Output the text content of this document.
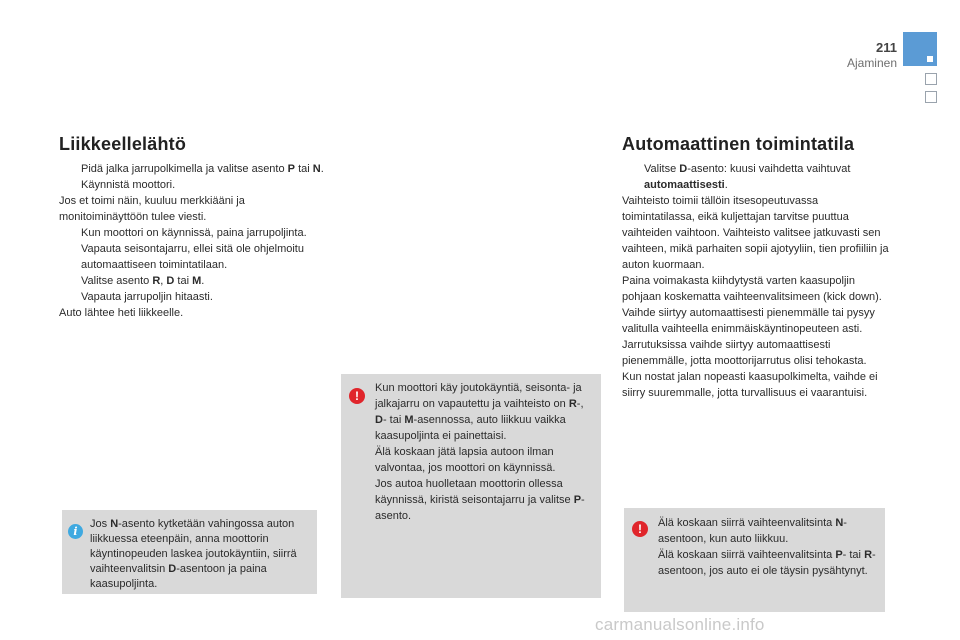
211
Ajaminen
Liikkeellelähtö
Pidä jalka jarrupolkimella ja valitse asento P tai N.
Käynnistä moottori.
Jos et toimi näin, kuuluu merkkiääni ja monitoiminäyttöön tulee viesti.
Kun moottori on käynnissä, paina jarrupoljinta.
Vapauta seisontajarru, ellei sitä ole ohjelmoitu automaattiseen toimintatilaan.
Valitse asento R, D tai M.
Vapauta jarrupoljin hitaasti.
Auto lähtee heti liikkeelle.
!
Kun moottori käy joutokäyntiä, seisonta- ja jalkajarru on vapautettu ja vaihteisto on R-, D- tai M-asennossa, auto liikkuu vaikka kaasupoljinta ei painettaisi.
Älä koskaan jätä lapsia autoon ilman valvontaa, jos moottori on käynnissä.
Jos autoa huolletaan moottorin ollessa käynnissä, kiristä seisontajarru ja valitse P-asento.
i
Jos N-asento kytketään vahingossa auton liikkuessa eteenpäin, anna moottorin käyntinopeuden laskea joutokäyntiin, siirrä vaihteenvalitsin D-asentoon ja paina kaasupoljinta.
Automaattinen toimintatila
Valitse D-asento: kuusi vaihdetta vaihtuvat automaattisesti.
Vaihteisto toimii tällöin itsesopeutuvassa toimintatilassa, eikä kuljettajan tarvitse puuttua vaihteiden vaihtoon. Vaihteisto valitsee jatkuvasti sen vaihteen, mikä parhaiten sopii ajotyyliin, tien profiiliin ja auton kuormaan.
Paina voimakasta kiihdytystä varten kaasupoljin pohjaan koskematta vaihteenvalitsimeen (kick down). Vaihde siirtyy automaattisesti pienemmälle tai pysyy valitulla vaihteella enimmäiskäyntinopeuteen asti.
Jarrutuksissa vaihde siirtyy automaattisesti pienemmälle, jotta moottorijarrutus olisi tehokasta.
Kun nostat jalan nopeasti kaasupolkimelta, vaihde ei siirry suuremmalle, jotta turvallisuus ei vaarantuisi.
!	Älä koskaan siirrä vaihteenvalitsinta N-asentoon, kun auto liikkuu.
Älä koskaan siirrä vaihteenvalitsinta P- tai R-asentoon, jos auto ei ole täysin pysähtynyt.
carmanualsonline.info
